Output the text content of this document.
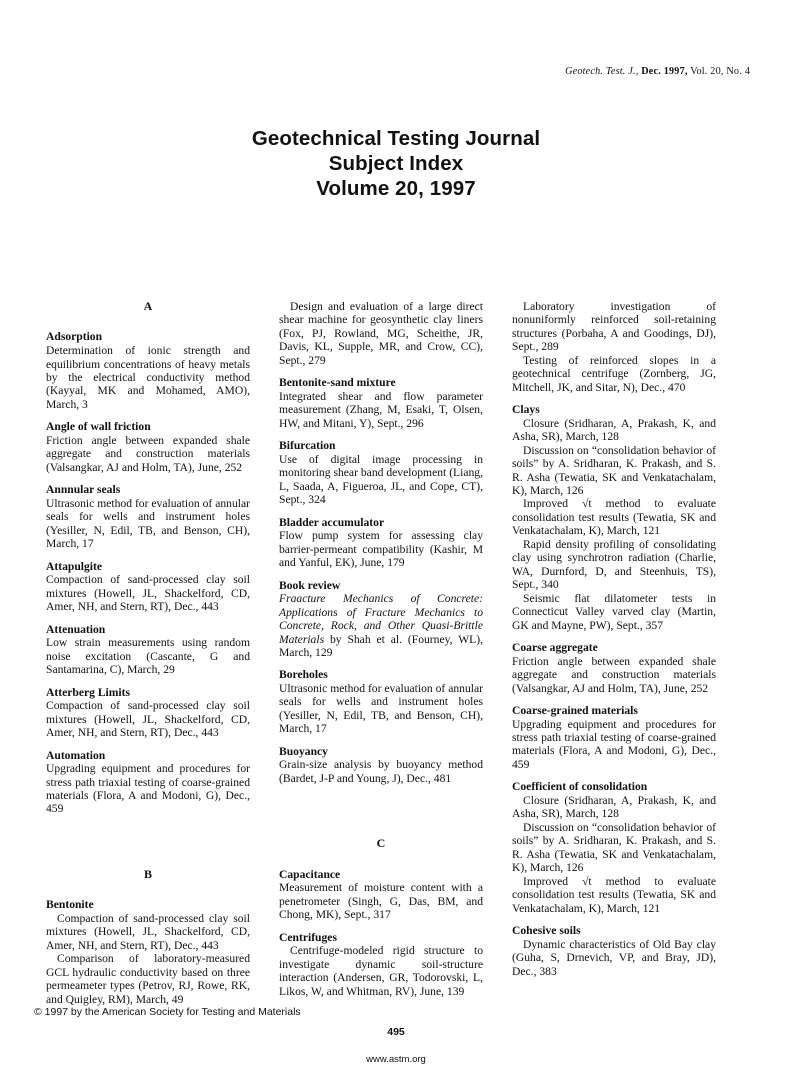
Geotech. Test. J., Dec. 1997, Vol. 20, No. 4
Geotechnical Testing Journal
Subject Index
Volume 20, 1997
A
Adsorption

Determination of ionic strength and equilibrium concentrations of heavy metals by the electrical conductivity method (Kayyal, MK and Mohamed, AMO), March, 3

Angle of wall friction

Friction angle between expanded shale aggregate and construction materials (Valsangkar, AJ and Holm, TA), June, 252

Annnular seals

Ultrasonic method for evaluation of annular seals for wells and instrument holes (Yesiller, N, Edil, TB, and Benson, CH), March, 17

Attapulgite

Compaction of sand-processed clay soil mixtures (Howell, JL, Shackelford, CD, Amer, NH, and Stern, RT), Dec., 443

Attenuation

Low strain measurements using random noise excitation (Cascante, G and Santamarina, C), March, 29

Atterberg Limits

Compaction of sand-processed clay soil mixtures (Howell, JL, Shackelford, CD, Amer, NH, and Stern, RT), Dec., 443

Automation

Upgrading equipment and procedures for stress path triaxial testing of coarse-grained materials (Flora, A and Modoni, G), Dec., 459

B
Bentonite

Compaction of sand-processed clay soil mixtures (Howell, JL, Shackelford, CD, Amer, NH, and Stern, RT), Dec., 443

Comparison of laboratory-measured GCL hydraulic conductivity based on three permeameter types (Petrov, RJ, Rowe, RK, and Quigley, RM), March, 49

Design and evaluation of a large direct shear machine for geosynthetic clay liners (Fox, PJ, Rowland, MG, Scheithe, JR, Davis, KL, Supple, MR, and Crow, CC), Sept., 279

Bentonite-sand mixture

Integrated shear and flow parameter measurement (Zhang, M, Esaki, T, Olsen, HW, and Mitani, Y), Sept., 296

Bifurcation

Use of digital image processing in monitoring shear band development (Liang, L, Saada, A, Figueroa, JL, and Cope, CT), Sept., 324

Bladder accumulator

Flow pump system for assessing clay barrier-permeant compatibility (Kashir, M and Yanful, EK), June, 179

Book review

Fraacture Mechanics of Concrete: Applications of Fracture Mechanics to Concrete, Rock, and Other Quasi-Brittle Materials by Shah et al. (Fourney, WL), March, 129

Boreholes

Ultrasonic method for evaluation of annular seals for wells and instrument holes (Yesiller, N, Edil, TB, and Benson, CH), March, 17

Buoyancy

Grain-size analysis by buoyancy method (Bardet, J-P and Young, J), Dec., 481

C
Capacitance

Measurement of moisture content with a penetrometer (Singh, G, Das, BM, and Chong, MK), Sept., 317

Centrifuges

Centrifuge-modeled rigid structure to investigate dynamic soil-structure interaction (Andersen, GR, Todorovski, L, Likos, W, and Whitman, RV), June, 139

Laboratory investigation of nonuniformly reinforced soil-retaining structures (Porbaha, A and Goodings, DJ), Sept., 289

Testing of reinforced slopes in a geotechnical centrifuge (Zornberg, JG, Mitchell, JK, and Sitar, N), Dec., 470

Clays

Closure (Sridharan, A, Prakash, K, and Asha, SR), March, 128

Discussion on “consolidation behavior of soils” by A. Sridharan, K. Prakash, and S. R. Asha (Tewatia, SK and Venkatachalam, K), March, 126

Improved √t method to evaluate consolidation test results (Tewatia, SK and Venkatachalam, K), March, 121

Rapid density profiling of consolidating clay using synchrotron radiation (Charlie, WA, Durnford, D, and Steenhuis, TS), Sept., 340

Seismic flat dilatometer tests in Connecticut Valley varved clay (Martin, GK and Mayne, PW), Sept., 357

Coarse aggregate

Friction angle between expanded shale aggregate and construction materials (Valsangkar, AJ and Holm, TA), June, 252

Coarse-grained materials

Upgrading equipment and procedures for stress path triaxial testing of coarse-grained materials (Flora, A and Modoni, G), Dec., 459

Coefficient of consolidation

Closure (Sridharan, A, Prakash, K, and Asha, SR), March, 128

Discussion on “consolidation behavior of soils” by A. Sridharan, K. Prakash, and S. R. Asha (Tewatia, SK and Venkatachalam, K), March, 126

Improved √t method to evaluate consolidation test results (Tewatia, SK and Venkatachalam, K), March, 121

Cohesive soils

Dynamic characteristics of Old Bay clay (Guha, S, Drnevich, VP, and Bray, JD), Dec., 383

© 1997 by the American Society for Testing and Materials
495
www.astm.org
